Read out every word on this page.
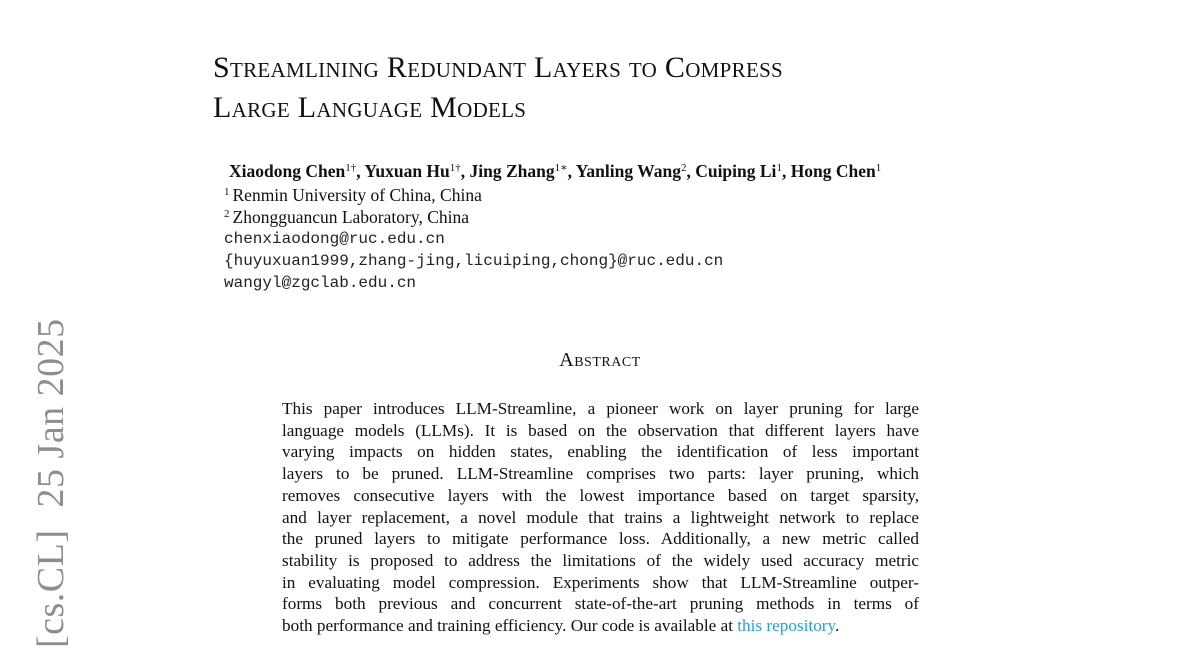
[cs.CL]25 Jan 2025
Streamlining Redundant Layers to Compress
Large Language Models
Xiaodong Chen$^{1\dagger}$, Yuxuan $Hu^{1\dagger}$, Jing Zhang$^{1∗}$, Yanling Wang$^2$, Cuiping Li$^1$, Hong Chen$^1$
$^1$ Renmin University of China, China
$^2$ Zhongguancun Laboratory, China
chenxiaodong@ruc.edu.cn
{huyuxuan1999,zhang-jing,licuiping,chong}@ruc.edu.cn
wangyl@zgclab.edu.cn
Abstract
This paper introduces LLM-Streamline, a pioneer work on layer pruning for large
language models (LLMs). It is based on the observation that different layers have
varying impacts on hidden states, enabling the identification of less important
layers to be pruned. LLM-Streamline comprises two parts: layer pruning, which
removes consecutive layers with the lowest importance based on target sparsity,
and layer replacement, a novel module that trains a lightweight network to replace
the pruned layers to mitigate performance loss. Additionally, a new metric called
stability is proposed to address the limitations of the widely used accuracy metric
in evaluating model compression. Experiments show that LLM-Streamline outper-
forms both previous and concurrent state-of-the-art pruning methods in terms of
both performance and training efficiency. Our code is available at this repository.
